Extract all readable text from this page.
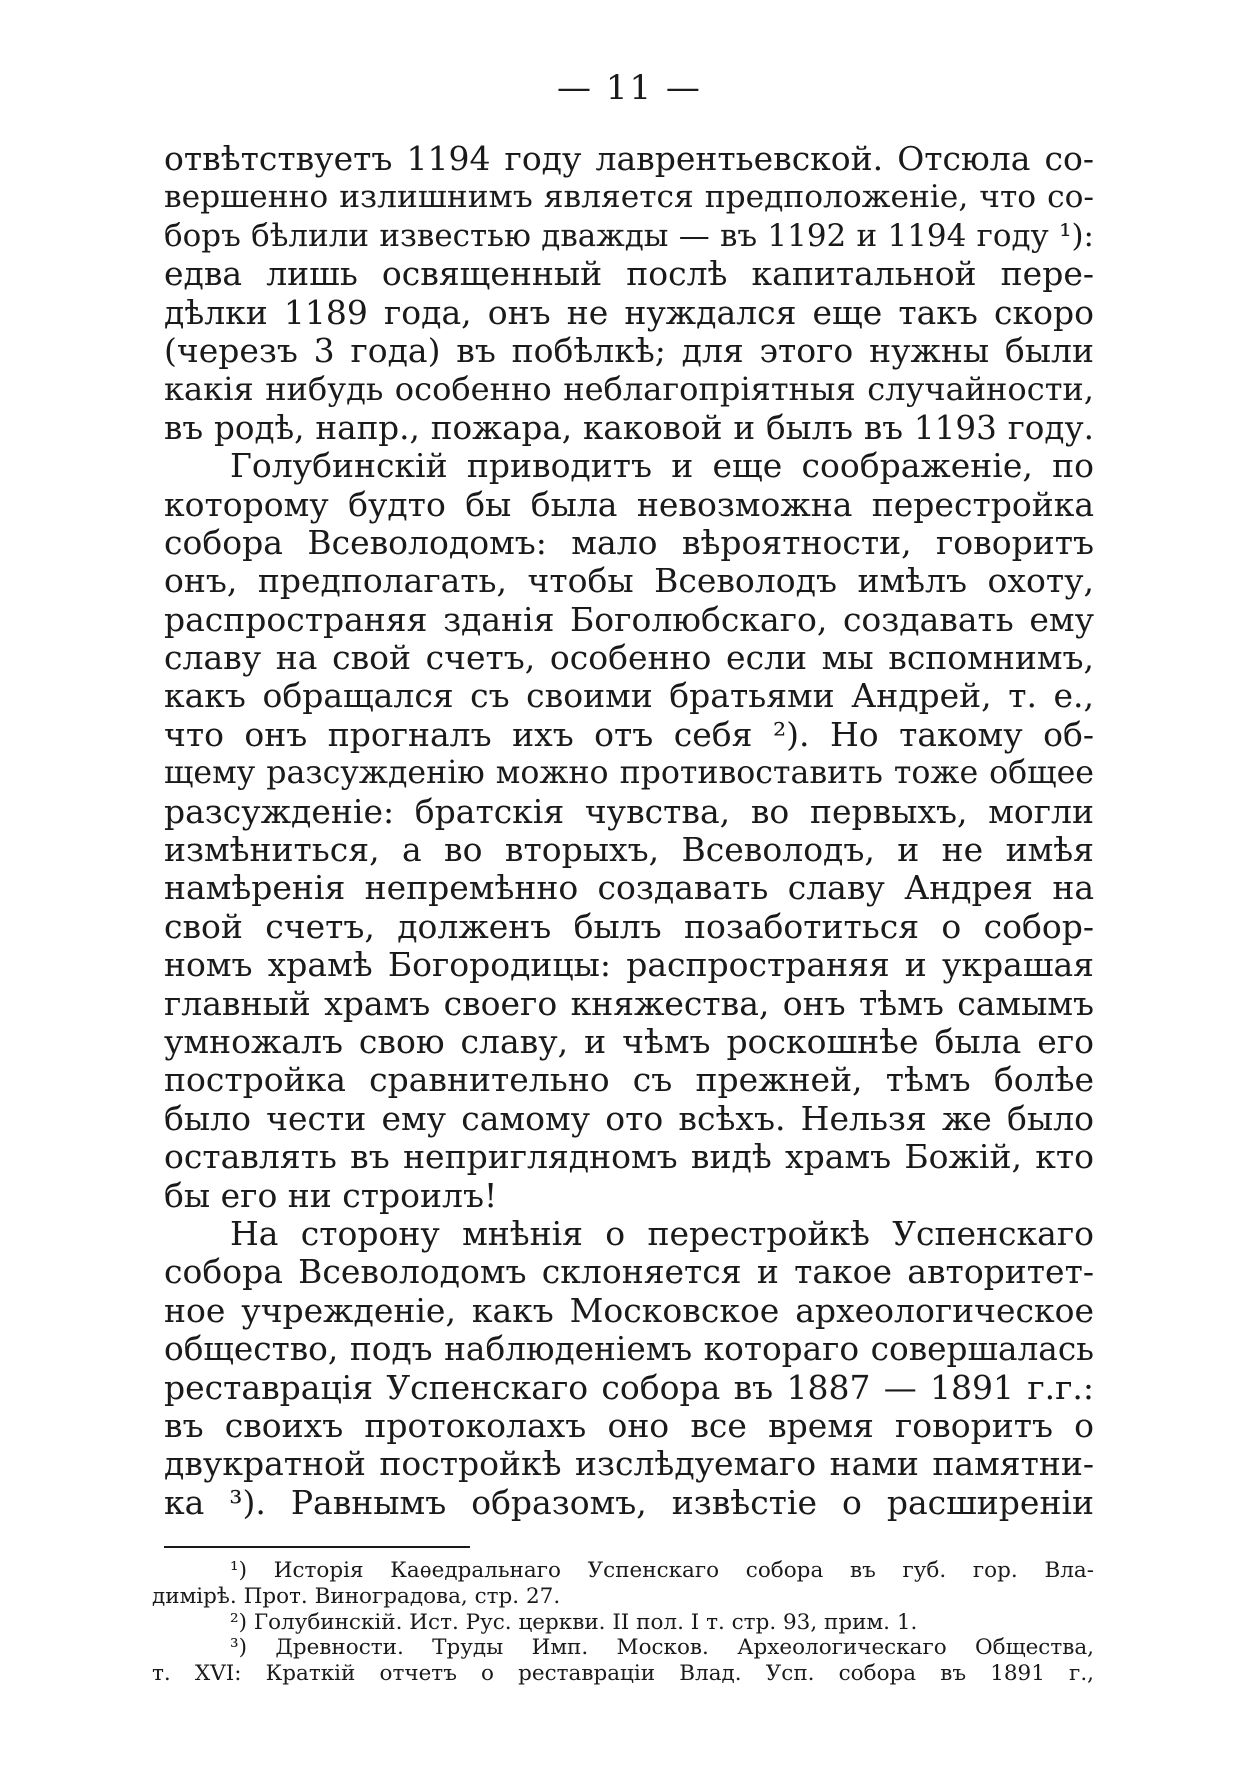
— 11 —
отвѣтствуетъ 1194 году лаврентьевской. Отсюла со-
вершенно излишнимъ является предположеніе, что со-
боръ бѣлили известью дважды — въ 1192 и 1194 году ¹):
едва лишь освященный послѣ капитальной пере-
дѣлки 1189 года, онъ не нуждался еще такъ скоро
(черезъ 3 года) въ побѣлкѣ; для этого нужны были
какія нибудь особенно неблагопріятныя случайности,
въ родѣ, напр., пожара, каковой и былъ въ 1193 году.
Голубинскій приводитъ и еще соображеніе, по
которому будто бы была невозможна перестройка
собора Всеволодомъ: мало вѣроятности, говоритъ
онъ, предполагать, чтобы Всеволодъ имѣлъ охоту,
распространяя зданія Боголюбскаго, создавать ему
славу на свой счетъ, особенно если мы вспомнимъ,
какъ обращался съ своими братьями Андрей, т. е.,
что онъ прогналъ ихъ отъ себя ²). Но такому об-
щему разсужденію можно противоставить тоже общее
разсужденіе: братскія чувства, во первыхъ, могли
измѣниться, а во вторыхъ, Всеволодъ, и не имѣя
намѣренія непремѣнно создавать славу Андрея на
свой счетъ, долженъ былъ позаботиться о собор-
номъ храмѣ Богородицы: распространяя и украшая
главный храмъ своего княжества, онъ тѣмъ самымъ
умножалъ свою славу, и чѣмъ роскошнѣе была его
постройка сравнительно съ прежней, тѣмъ болѣе
было чести ему самому ото всѣхъ. Нельзя же было
оставлять въ неприглядномъ видѣ храмъ Божій, кто
бы его ни строилъ!
На сторону мнѣнія о перестройкѣ Успенскаго
собора Всеволодомъ склоняется и такое авторитет-
ное учрежденіе, какъ Московское археологическое
общество, подъ наблюденіемъ котораго совершалась
реставрація Успенскаго собора въ 1887 — 1891 г.г.:
въ своихъ протоколахъ оно все время говоритъ о
двукратной постройкѣ изслѣдуемаго нами памятни-
ка ³). Равнымъ образомъ, извѣстіе о расширеніи
¹) Исторія Каѳедральнаго Успенскаго собора въ губ. гор. Вла-
димірѣ. Прот. Виноградова, стр. 27.
²) Голубинскій. Ист. Рус. церкви. II пол. I т. стр. 93, прим. 1.
³) Древности. Труды Имп. Москов. Археологическаго Общества,
т. XVI: Краткій отчетъ о реставраціи Влад. Усп. собора въ 1891 г.,
